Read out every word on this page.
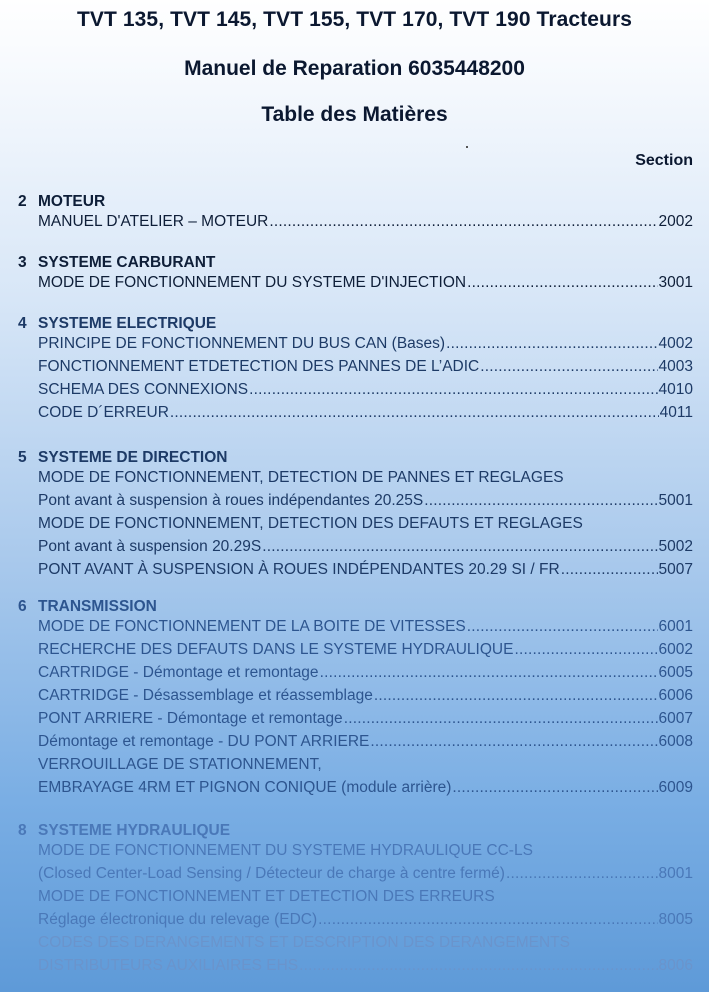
TVT 135, TVT 145, TVT 155, TVT 170, TVT 190 Tracteurs
Manuel de Reparation 6035448200
Table des Matières
Section
2 MOTEUR
MANUEL D'ATELIER – MOTEUR .....	2002
3 SYSTEME CARBURANT
MODE DE FONCTIONNEMENT DU SYSTEME D'INJECTION .....	3001
4 SYSTEME ELECTRIQUE
PRINCIPE DE FONCTIONNEMENT DU BUS CAN (Bases) .....	4002
FONCTIONNEMENT ETDETECTION DES PANNES DE L’ADIC .....	4003
SCHEMA DES CONNEXIONS .....	4010
CODE D´ERREUR .....	4011
5 SYSTEME DE DIRECTION
MODE DE FONCTIONNEMENT, DETECTION DE PANNES ET REGLAGES
Pont avant à suspension à roues indépendantes 20.25S .....	5001
MODE DE FONCTIONNEMENT, DETECTION DES DEFAUTS ET REGLAGES
Pont avant à suspension 20.29S .....	5002
PONT AVANT À SUSPENSION À ROUES INDÉPENDANTES 20.29 SI / FR .....	5007
6 TRANSMISSION
MODE DE FONCTIONNEMENT DE LA BOITE DE VITESSES .....	6001
RECHERCHE DES DEFAUTS DANS LE SYSTEME HYDRAULIQUE .....	6002
CARTRIDGE - Démontage et remontage .....	6005
CARTRIDGE - Désassemblage et réassemblage .....	6006
PONT ARRIERE - Démontage et remontage .....	6007
Démontage et remontage - DU PONT ARRIERE .....	6008
VERROUILLAGE DE STATIONNEMENT,
EMBRAYAGE 4RM ET PIGNON CONIQUE (module arrière) .....	6009
8 SYSTEME HYDRAULIQUE
MODE DE FONCTIONNEMENT DU SYSTEME HYDRAULIQUE CC-LS
(Closed Center-Load Sensing / Détecteur de charge à centre fermé) .....	8001
MODE DE FONCTIONNEMENT ET DETECTION DES ERREURS
Réglage électronique du relevage (EDC) .....	8005
CODES DES DERANGEMENTS ET DESCRIPTION DES DERANGEMENTS
DISTRIBUTEURS AUXILIAIRES EHS .....	8006
